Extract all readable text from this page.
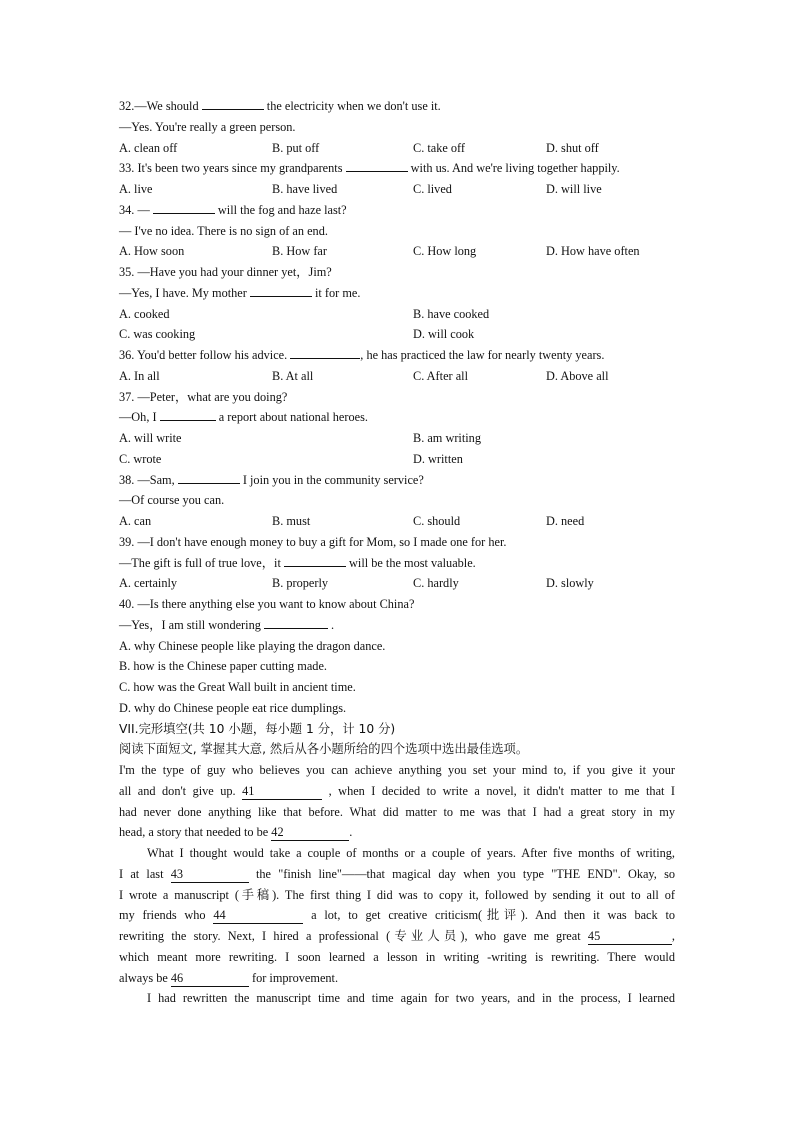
32.—We should	the electricity when we don't use it.
—Yes. You're really a green person.
A. clean off	B. put off	C. take off	D. shut off
33. It's been two years since my grandparents	with us. And we're living together happily.
A. live	B. have lived	C. lived	D. will live
34. —	will the fog and haze last?
— I've no idea. There is no sign of an end.
A. How soon	B. How far	C. How long	D. How have often
35. —Have you had your dinner yet，Jim?
—Yes, I have. My mother	it for me.
A. cooked	B. have cooked
C. was cooking	D. will cook
36. You'd better follow his advice.	, he has practiced the law for nearly twenty years.
A. In all	B. At all	C. After all	D. Above all
37. —Peter，what are you doing?
—Oh, I	a report about national heroes.
A. will write	B. am writing
C. wrote	D. written
38. —Sam,	I join you in the community service?
—Of course you can.
A. can	B. must	C. should	D. need
39. —I don't have enough money to buy a gift for Mom, so I made one for her.
—The gift is full of true love，it	will be the most valuable.
A. certainly	B. properly	C. hardly	D. slowly
40. —Is there anything else you want to know about China?
—Yes，I am still wondering	.
A. why Chinese people like playing the dragon dance.
B. how is the Chinese paper cutting made.
C. how was the Great Wall built in ancient time.
D. why do Chinese people eat rice dumplings.
VII.完形填空(共 10 小题，每小题 1 分，计 10 分)
阅读下面短文, 掌握其大意, 然后从各小题所给的四个选项中选出最佳选项。
I'm the type of guy who believes you can achieve anything you set your mind to, if you give it your
all and don't give up. 41	, when I decided to write a novel, it didn't matter to me that I
had never done anything like that before. What did matter to me was that I had a great story in my
head, a story that needed to be 42	.
What I thought would take a couple of months or a couple of years. After five months of writing,
I at last 43	the "finish line"——that magical day when you type "THE END". Okay, so
I wrote a manuscript (手稿). The first thing I did was to copy it, followed by sending it out to all of
my friends who 44	a lot, to get creative criticism(批评). And then it was back to
rewriting the story. Next, I hired a professional (专业人员), who gave me great 45	,
which meant more rewriting. I soon learned a lesson in writing -writing is rewriting. There would
always be 46	for improvement.
I had rewritten the manuscript time and time again for two years, and in the process, I learned
